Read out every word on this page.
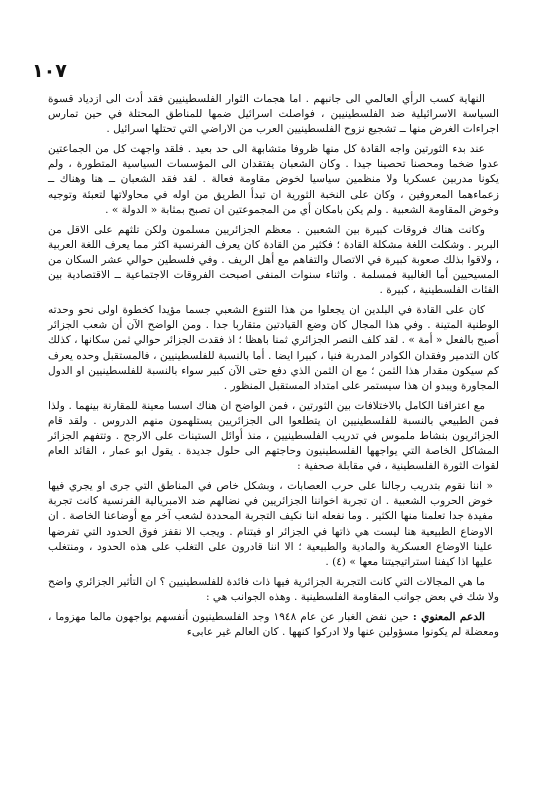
١٠٧

النهاية كسب الرأي العالمي الى جانبهم . اما هجمات الثوار الفلسطينيين فقد أدت الى ازدياد قسوة السياسة الاسرائيلية ضد الفلسطينيين ، فواصلت اسرائيل ضمها للمناطق المحتلة في حين تمارس اجراءات الغرض منها ــ تشجيع نزوح الفلسطينيين العرب من الاراضي التي تحتلها اسرائيل .

عند بدء الثورتين واجه القادة كل منها ظروفا متشابهة الى حد بعيد . فلقد واجهت كل من الجماعتين عدوا ضخما ومحصنا تحصينا جيدا . وكان الشعبان يفتقدان الى المؤسسات السياسية المتطورة ، ولم يكونا مدربين عسكريا ولا منظمين سياسيا لخوض مقاومة فعالة . لقد فقد الشعبان ــ هنا وهناك ــ زعماءهما المعروفين ، وكان على النخبة الثورية ان تبدأ الطريق من اوله في محاولاتها لتعبئة وتوجيه وخوض المقاومة الشعبية . ولم يكن بامكان أي من المجموعتين ان تصبح بمثابة « الدولة » .

وكانت هناك فروقات كبيرة بين الشعبين . معظم الجزائريين مسلمون ولكن تلثهم على الاقل من البربر . وشكلت اللغة مشكلة القادة ؛ فكثير من القادة كان يعرف الفرنسية اكثر مما يعرف اللغة العربية ، ولاقوا بذلك صعوبة كبيرة في الاتصال والتفاهم مع أهل الريف . وفي فلسطين حوالي عشر السكان من المسيحيين أما الغالبية فمسلمة . واثناء سنوات المنفى اصبحت الفروقات الاجتماعية ــ الاقتصادية بين الفئات الفلسطينية ، كبيرة .

كان على القادة في البلدين ان يجعلوا من هذا التنوع الشعبي جسما مؤيدا كخطوة اولى نحو وحدته الوطنية المتينة . وفي هذا المجال كان وضع القيادتين متقاربا جدا . ومن الواضح الآن أن شعب الجزائر أصبح بالفعل « أمة » . لقد كلف النصر الجزائري ثمنا باهظا ؛ اذ فقدت الجزائر حوالي ثمن سكانها ، كذلك كان التدمير وفقدان الكوادر المدربة فنيا ، كبيرا ايضا . أما بالنسبة للفلسطينيين ، فالمستقبل وحده يعرف كم سيكون مقدار هذا الثمن ؛ مع ان الثمن الذي دفع حتى الآن كبير سواء بالنسبة للفلسطينيين او الدول المجاورة ويبدو ان هذا سيستمر على امتداد المستقبل المنظور .

مع اعترافنا الكامل بالاختلافات بين الثورتين ، فمن الواضح ان هناك اسسا معينة للمقارنة بينهما . ولذا فمن الطبيعي بالنسبة للفلسطينيين ان يتطلعوا الى الجزائريين يستلهمون منهم الدروس . ولقد قام الجزائريون بنشاط ملموس في تدريب الفلسطينيين ، منذ أوائل الستينات على الارجح . وتتفهم الجزائر المشاكل الخاصة التي يواجهها الفلسطينيون وحاجتهم الى حلول جديدة . يقول ابو عمار ، القائد العام لقوات الثورة الفلسطينية ، في مقابلة صحفية :

« اننا نقوم بتدريب رجالنا على حرب العصابات ، وبشكل خاص في المناطق التي جرى او يجري فيها خوض الحروب الشعبية . ان تجربة اخواننا الجزائريين في نضالهم ضد الامبريالية الفرنسية كانت تجربة مفيدة جدا تعلمنا منها الكثير . وما نفعله اننا نكيف التجربة المحددة لشعب آخر مع أوضاعنا الخاصة . ان الاوضاع الطبيعية هنا ليست هي ذاتها في الجزائر او فيتنام . ويجب الا نقفز فوق الحدود التي تفرضها علينا الاوضاع العسكرية والمادية والطبيعية ؛ الا اننا قادرون على التغلب على هذه الحدود ، ومنتغلب عليها اذا كيفنا استراتيجيتنا معها » (٤) .

ما هي المجالات التي كانت التجربة الجزائرية فيها ذات فائدة للفلسطينيين ؟ ان التأثير الجزائري واضح ولا شك في بعض جوانب المقاومة الفلسطينية . وهذه الجوانب هي :

الدعم المعنوي : حين نفض الغبار عن عام ١٩٤٨ وجد الفلسطينيون أنفسهم يواجهون مالما مهزوما ، ومعضلة لم يكونوا مسؤولين عنها ولا ادركوا كنهها . كان العالم غير عابىء
